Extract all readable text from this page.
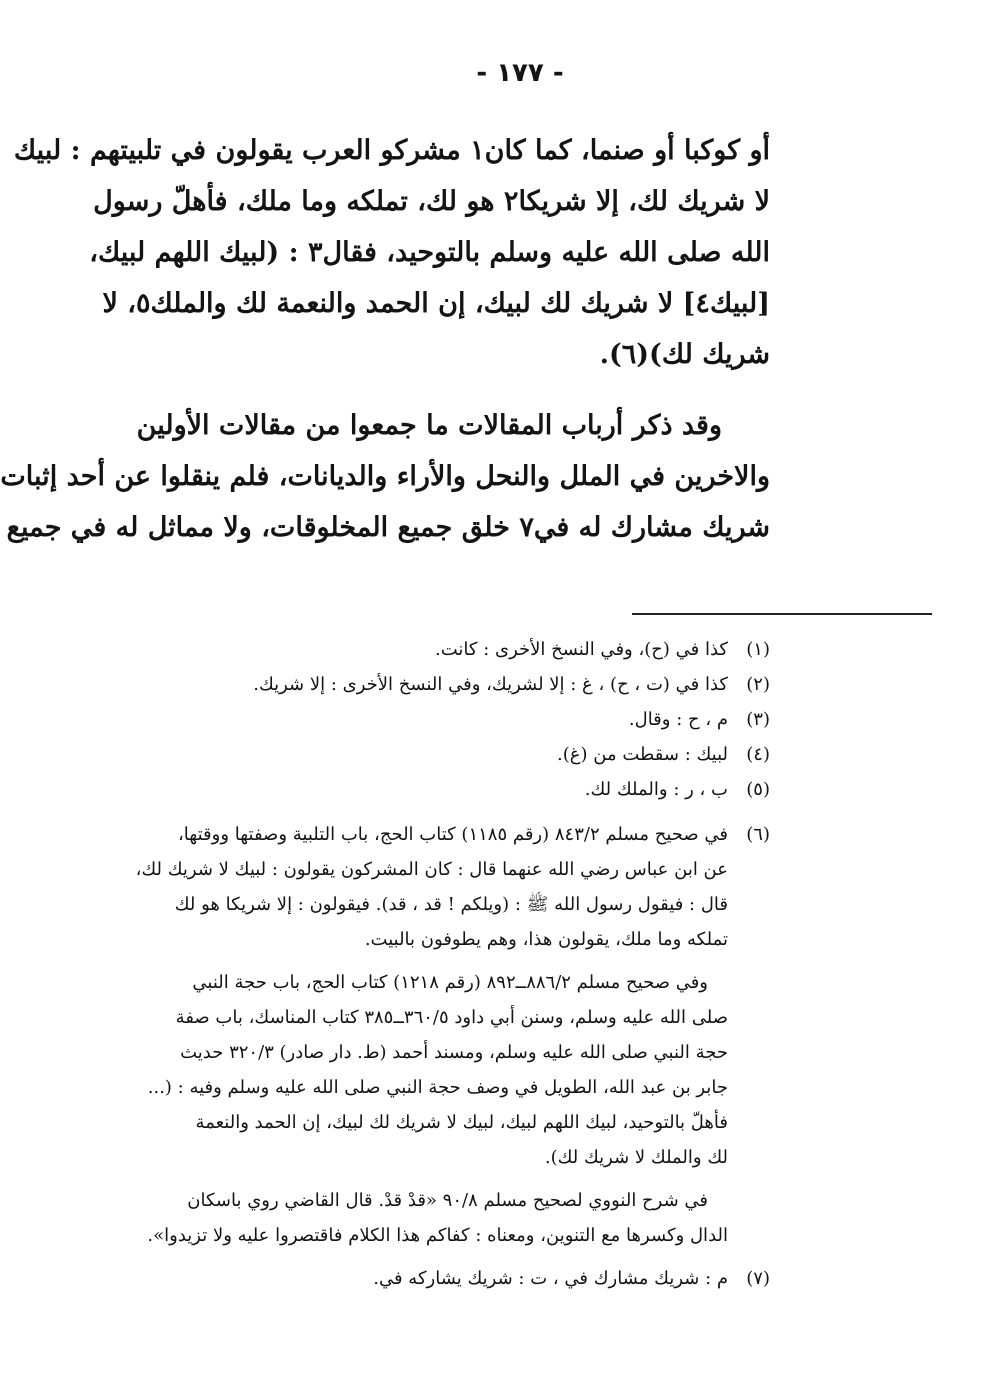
- ١٧٧ -
أو كوكبا أو صنما، كما كان١ مشركو العرب يقولون في تلبيتهم : لبيك
لا شريك لك، إلا شريكا٢ هو لك، تملكه وما ملك، فأهلّ رسول
الله صلى الله عليه وسلم بالتوحيد، فقال٣ : (لبيك اللهم لبيك،
[لبيك٤] لا شريك لك لبيك، إن الحمد والنعمة لك والملك٥، لا
شريك لك)(٦).
وقد ذكر أرباب المقالات ما جمعوا من مقالات الأولين
والاخرين في الملل والنحل والأراء والديانات، فلم ينقلوا عن أحد إثبات
شريك مشارك له في٧ خلق جميع المخلوقات، ولا مماثل له في جميع
(١)
كذا في (ح)، وفي النسخ الأخرى : كانت.
(٢)
كذا في (ت ، ح) ، غ : إلا لشريك، وفي النسخ الأخرى : إلا شريك.
(٣)
م ، ح : وقال.
(٤)
لبيك : سقطت من (غ).
(٥)
ب ، ر : والملك لك.
(٦)
في صحيح مسلم ٨٤٣/٢ (رقم ١١٨٥) كتاب الحج، باب التلبية وصفتها ووقتها،
عن ابن عباس رضي الله عنهما قال : كان المشركون يقولون : لبيك لا شريك لك،
قال : فيقول رسول الله ﷺ : (ويلكم ! قد ، قد). فيقولون : إلا شريكا هو لك
تملكه وما ملك، يقولون هذا، وهم يطوفون بالبيت.
وفي صحيح مسلم ٨٨٦/٢ــ٨٩٢ (رقم ١٢١٨) كتاب الحج، باب حجة النبي
صلى الله عليه وسلم، وسنن أبي داود ٣٦٠/٥ــ٣٨٥ كتاب المناسك، باب صفة
حجة النبي صلى الله عليه وسلم، ومسند أحمد (ط. دار صادر) ٣٢٠/٣ حديث
جابر بن عبد الله، الطويل في وصف حجة النبي صلى الله عليه وسلم وفيه : (...
فأهلّ بالتوحيد، لبيك اللهم لبيك، لبيك لا شريك لك لبيك، إن الحمد والنعمة
لك والملك لا شريك لك).
في شرح النووي لصحيح مسلم ٩٠/٨ «قدْ قدْ. قال القاضي روي باسكان
الدال وكسرها مع التنوين، ومعناه : كفاكم هذا الكلام فاقتصروا عليه ولا تزيدوا».
(٧)
م : شريك مشارك في ، ت : شريك يشاركه في.
